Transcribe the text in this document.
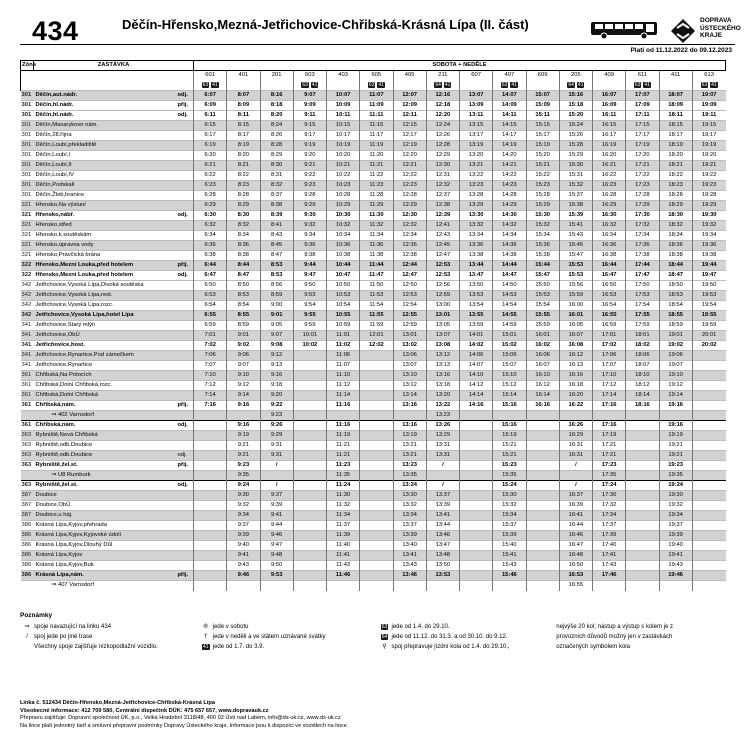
434	Děčín-Hřensko,Mezná-Jetřichovice-Chřibská-Krásná Lípa (II. část)	DOPRAVA
ÚSTECKÉHO
KRAJE
Platí od 11.12.2022 do 09.12.2023
Zóna	ZASTÁVKA			SOBOTA + NEDĚLE															
				601	401	201	603	403	605	405	211	607	407	609	205	409	611	411	613
				63 41			63 41		63 41		64 41		63 41		64 41		63 41		63 41
301	Děčín,aut.nádr.		odj.	6:07	8:07	8:16	9:07	10:07	11:07	12:07	12:16	13:07	14:07	15:07	15:16	16:07	17:07	18:07	19:07
301	Děčín,hl.nádr.		přij.	6:09	8:09	8:18	9:09	10:09	11:09	12:09	12:18	13:09	14:09	15:09	15:18	16:09	17:09	18:09	19:09
301	Děčín,hl.nádr.		odj.	6:11	8:11	8:20	9:11	10:11	11:11	12:11	12:20	13:11	14:11	15:11	15:20	16:11	17:11	18:11	19:11
301	Děčín,Masarykovo nám.			6:15	8:15	8:24	9:15	10:15	11:15	12:15	12:24	13:15	14:15	15:15	15:24	16:15	17:15	18:15	19:15
301	Děčín,28.října			6:17	8:17	8:26	9:17	10:17	11:17	12:17	12:26	13:17	14:17	15:17	15:26	16:17	17:17	18:17	19:17
301	Děčín,Loubí,překladiště			6:19	8:19	8:28	9:19	10:19	11:19	12:19	12:28	13:19	14:19	15:19	15:28	16:19	17:19	18:19	19:19
301	Děčín,Loubí,I			6:20	8:20	8:29	9:20	10:20	11:20	12:20	12:29	13:20	14:20	15:20	15:29	16:20	17:20	18:20	19:20
301	Děčín,Loubí,II			6:21	8:21	8:30	9:21	10:21	11:21	12:21	12:30	13:21	14:21	15:21	15:30	16:21	17:21	18:21	19:21
301	Děčín,Loubí,IV			6:22	8:22	8:31	9:22	10:22	11:22	12:22	12:31	13:22	14:22	15:22	15:31	16:22	17:22	18:22	19:22
301	Děčín,Podskalí			6:23	8:23	8:32	9:23	10:23	11:23	12:23	12:32	13:23	14:23	15:23	15:32	16:23	17:23	18:23	19:23
301	Děčín,Žleb,hranice			6:28	8:28	8:37	9:28	10:28	11:28	12:28	12:37	13:28	14:28	15:28	15:37	16:28	17:28	18:28	19:28
321	Hřensko,Na výsluní			6:29	8:29	8:38	9:29	10:29	11:29	12:29	12:38	13:29	14:29	15:29	15:38	16:29	17:29	18:29	19:29
321	Hřensko,nábř.		odj.	6:30	8:30	8:39	9:30	10:30	11:30	12:30	12:39	13:30	14:30	15:30	15:39	16:30	17:30	18:30	19:30
321	Hřensko,střed			6:32	8:32	8:41	9:32	10:32	11:32	12:32	12:41	13:32	14:32	15:32	15:41	16:32	17:32	18:32	19:32
321	Hřensko,k soutěskám			6:34	8:34	8:43	9:34	10:34	11:34	12:34	12:43	13:34	14:34	15:34	15:43	16:34	17:34	18:34	19:34
321	Hřensko,úpravna vody			6:36	8:36	8:45	9:36	10:36	11:36	12:36	12:45	13:36	14:36	15:36	15:45	16:36	17:36	18:36	19:36
321	Hřensko,Pravčická brána			6:38	8:38	8:47	9:38	10:38	11:38	12:38	12:47	13:38	14:38	15:38	15:47	16:38	17:38	18:38	19:38
322	Hřensko,Mezní Louka,před hotelem		přij.	6:44	8:44	8:53	9:44	10:44	11:44	12:44	12:53	13:44	14:44	15:44	15:53	16:44	17:44	18:44	19:44
322	Hřensko,Mezní Louka,před hotelem		odj.	6:47	8:47	8:53	9:47	10:47	11:47	12:47	12:53	13:47	14:47	15:47	15:53	16:47	17:47	18:47	19:47
342	Jetřichovice,Vysoká Lípa,Divoká soutěska			6:50	8:50	8:56	9:50	10:50	11:50	12:50	12:56	13:50	14:50	15:50	15:56	16:50	17:50	18:50	19:50
342	Jetřichovice,Vysoká Lípa,rest.			6:53	8:53	8:59	9:53	10:53	11:53	12:53	12:59	13:53	14:53	15:53	15:59	16:53	17:53	18:53	19:53
342	Jetřichovice,Vysoká Lípa,rozc.			6:54	8:54	9:00	9:54	10:54	11:54	12:54	13:00	13:54	14:54	15:54	16:00	16:54	17:54	18:54	19:54
342	Jetřichovice,Vysoká Lípa,hotel Lípa			6:55	8:55	9:01	9:55	10:55	11:55	12:55	13:01	13:55	14:55	15:55	16:01	16:55	17:55	18:55	19:55
341	Jetřichovice,Starý mlýn			6:59	8:59	9:05	9:59	10:59	11:59	12:59	13:05	13:59	14:59	15:59	16:05	16:59	17:59	18:59	19:59
341	Jetřichovice,ObÚ			7:01	9:01	9:07	10:01	11:01	12:01	13:01	13:07	14:01	15:01	16:01	16:07	17:01	18:01	19:01	20:01
341	Jetřichovice,host.			7:02	9:02	9:08	10:02	11:02	12:02	13:02	13:08	14:02	15:02	16:02	16:08	17:02	18:02	19:02	20:02
341	Jetřichovice,Rynartice,Pod zámečkem			7:06	9:06	9:12		11:06		13:06	13:12	14:06	15:06	16:06	16:12	17:06	18:06	19:06	
341	Jetřichovice,Rynartice			7:07	9:07	9:13		11:07		13:07	13:13	14:07	15:07	16:07	16:13	17:07	18:07	19:07	
361	Chřibská,Na Potocích			7:10	9:10	9:16		11:10		13:10	13:16	14:10	15:10	16:10	16:16	17:10	18:10	19:10	
361	Chřibská,Dolní Chřibská,rozc.			7:12	9:12	9:18		11:12		13:12	13:18	14:12	15:12	16:12	16:18	17:12	18:12	19:12	
361	Chřibská,Dolní Chřibská			7:14	9:14	9:20		11:14		13:14	13:20	14:14	15:14	16:14	16:20	17:14	18:14	19:14	
361	Chřibská,nám.		přij.	7:16	9:16	9:22		11:16		13:16	13:22	14:16	15:16	16:16	16:22	17:16	18:16	19:16	
	⇒ 402 Varnsdorf					9:23					13:23								
361	Chřibská,nám.		odj.		9:16	9:26		11:16		13:16	13:26		15:16		16:26	17:16		19:16	
363	Rybniště,Nová Chřibská				9:19	9:29		11:19		13:19	13:29		15:19		16:29	17:19		19:19	
363	Rybniště,odb.Doubice				9:21	9:31		11:21		13:21	13:31		15:21		16:31	17:21		19:21	
363	Rybniště,odb.Doubice		odj.		9:21	9:31		11:21		13:21	13:31		15:21		16:31	17:21		19:21	
363	Rybniště,žel.st.		přij.		9:23	/		11:23		13:23	/		15:23		/	17:23		19:23	
	⇒ U8 Rumburk				9:35			11:35		13:35			15:35			17:35		19:35	
363	Rybniště,žel.st.		odj.		9:24	/		11:24		13:24	/		15:24		/	17:24		19:24	
387	Doubice				9:30	9:37		11:30		13:30	13:37		15:30		16:37	17:30		19:30	
387	Doubice,ObÚ				9:32	9:39		11:32		13:32	13:39		15:32		16:39	17:32		19:32	
387	Doubice,u háj.				9:34	9:41		11:34		13:34	13:41		15:34		16:41	17:34		19:34	
386	Krásná Lípa,Kyjov,přehrada				9:37	9:44		11:37		13:37	13:44		15:37		16:44	17:37		19:37	
386	Krásná Lípa,Kyjov,Kyjovské údolí				9:39	9:46		11:39		13:39	13:46		15:39		16:46	17:39		19:39	
386	Krásná Lípa,Kyjov,Dlouhý Důl				9:40	9:47		11:40		13:40	13:47		15:40		16:47	17:40		19:40	
386	Krásná Lípa,Kyjov				9:41	9:48		11:41		13:41	13:48		15:41		16:48	17:41		19:41	
386	Krásná Lípa,Kyjov,Buk				9:43	9:50		11:43		13:43	13:50		15:43		16:50	17:43		19:43	
386	Krásná Lípa,nám.		přij.		9:46	9:53		11:46		13:46	13:53		15:46		16:53	17:46		19:46	
	⇒ 407 Varnsdorf														16:55				
Poznámky
⇒ spoje navazující na linku 434
/ spoj jede po jiné trase
Všechny spoje zajišťuje nízkopodlažní vozidlo.
⑥ jede v sobotu
† jede v neděli a ve státem uznávané svátky
41 jede od 1.7. do 3.9.
63 jede od 1.4. do 29.10.
64 jede od 11.12. do 31.3. a od 30.10. do 9.12.
⚲ spoj přepravuje jízdní kola od 1.4. do 29.10.,
nejvýše 20 kol; nástup a výstup s kolem je z
provozních důvodů možný jen v zastávkách
označených symbolem kola
Linka č. 512434 Děčín-Hřensko,Mezná-Jetřichovice-Chřibská-Krásná Lípa
Všeobecné informace: 412 709 580, Centrální dispečink DÚK: 475 657 657, www.dopravauk.cz
Přepravu zajišťuje: Dopravní společnost ÚK, p.o., Velká Hradební 3118/48, 400 02 Ústí nad Labem, info@ds-uk.cz, www.ds-uk.cz
Na lince platí jednotný tarif a smluvní přepravní podmínky Dopravy Ústeckého kraje. Informace jsou k dispozici ve vozidlech na lince.
